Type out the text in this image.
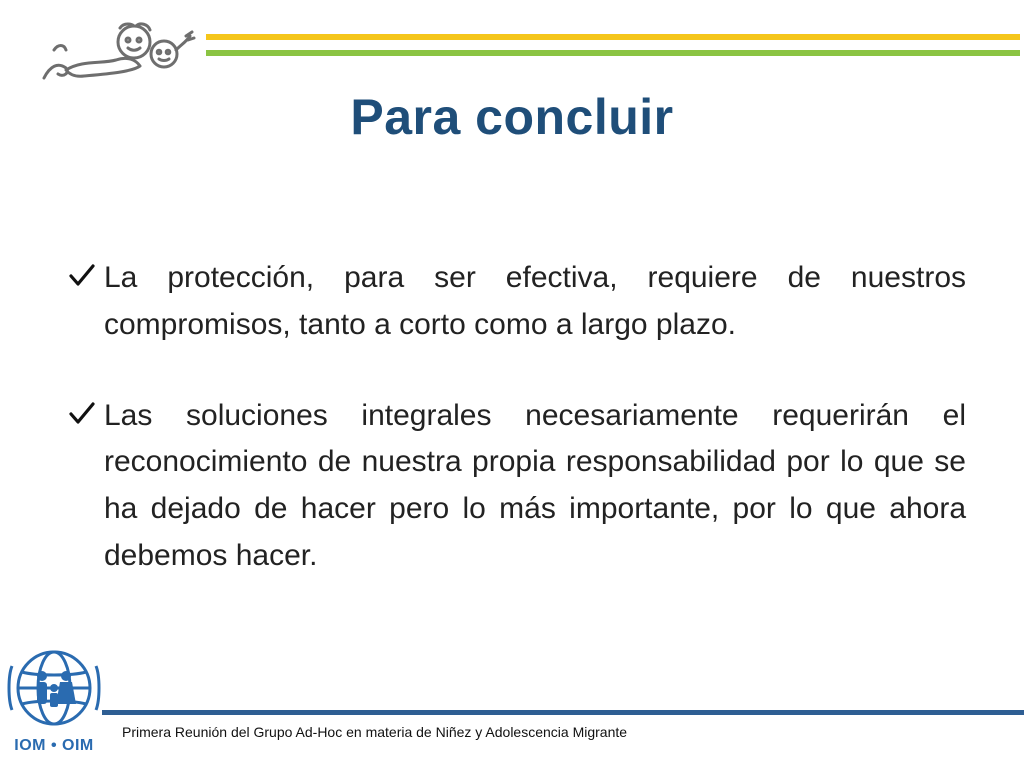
Para concluir
La protección, para ser efectiva, requiere de nuestros compromisos, tanto a corto como a largo plazo.
Las soluciones integrales necesariamente requerirán el reconocimiento de nuestra propia responsabilidad por lo que se ha dejado de hacer pero lo más importante, por lo que ahora debemos hacer.
IOM • OIM
Primera Reunión del Grupo Ad-Hoc en materia de Niñez y Adolescencia Migrante
